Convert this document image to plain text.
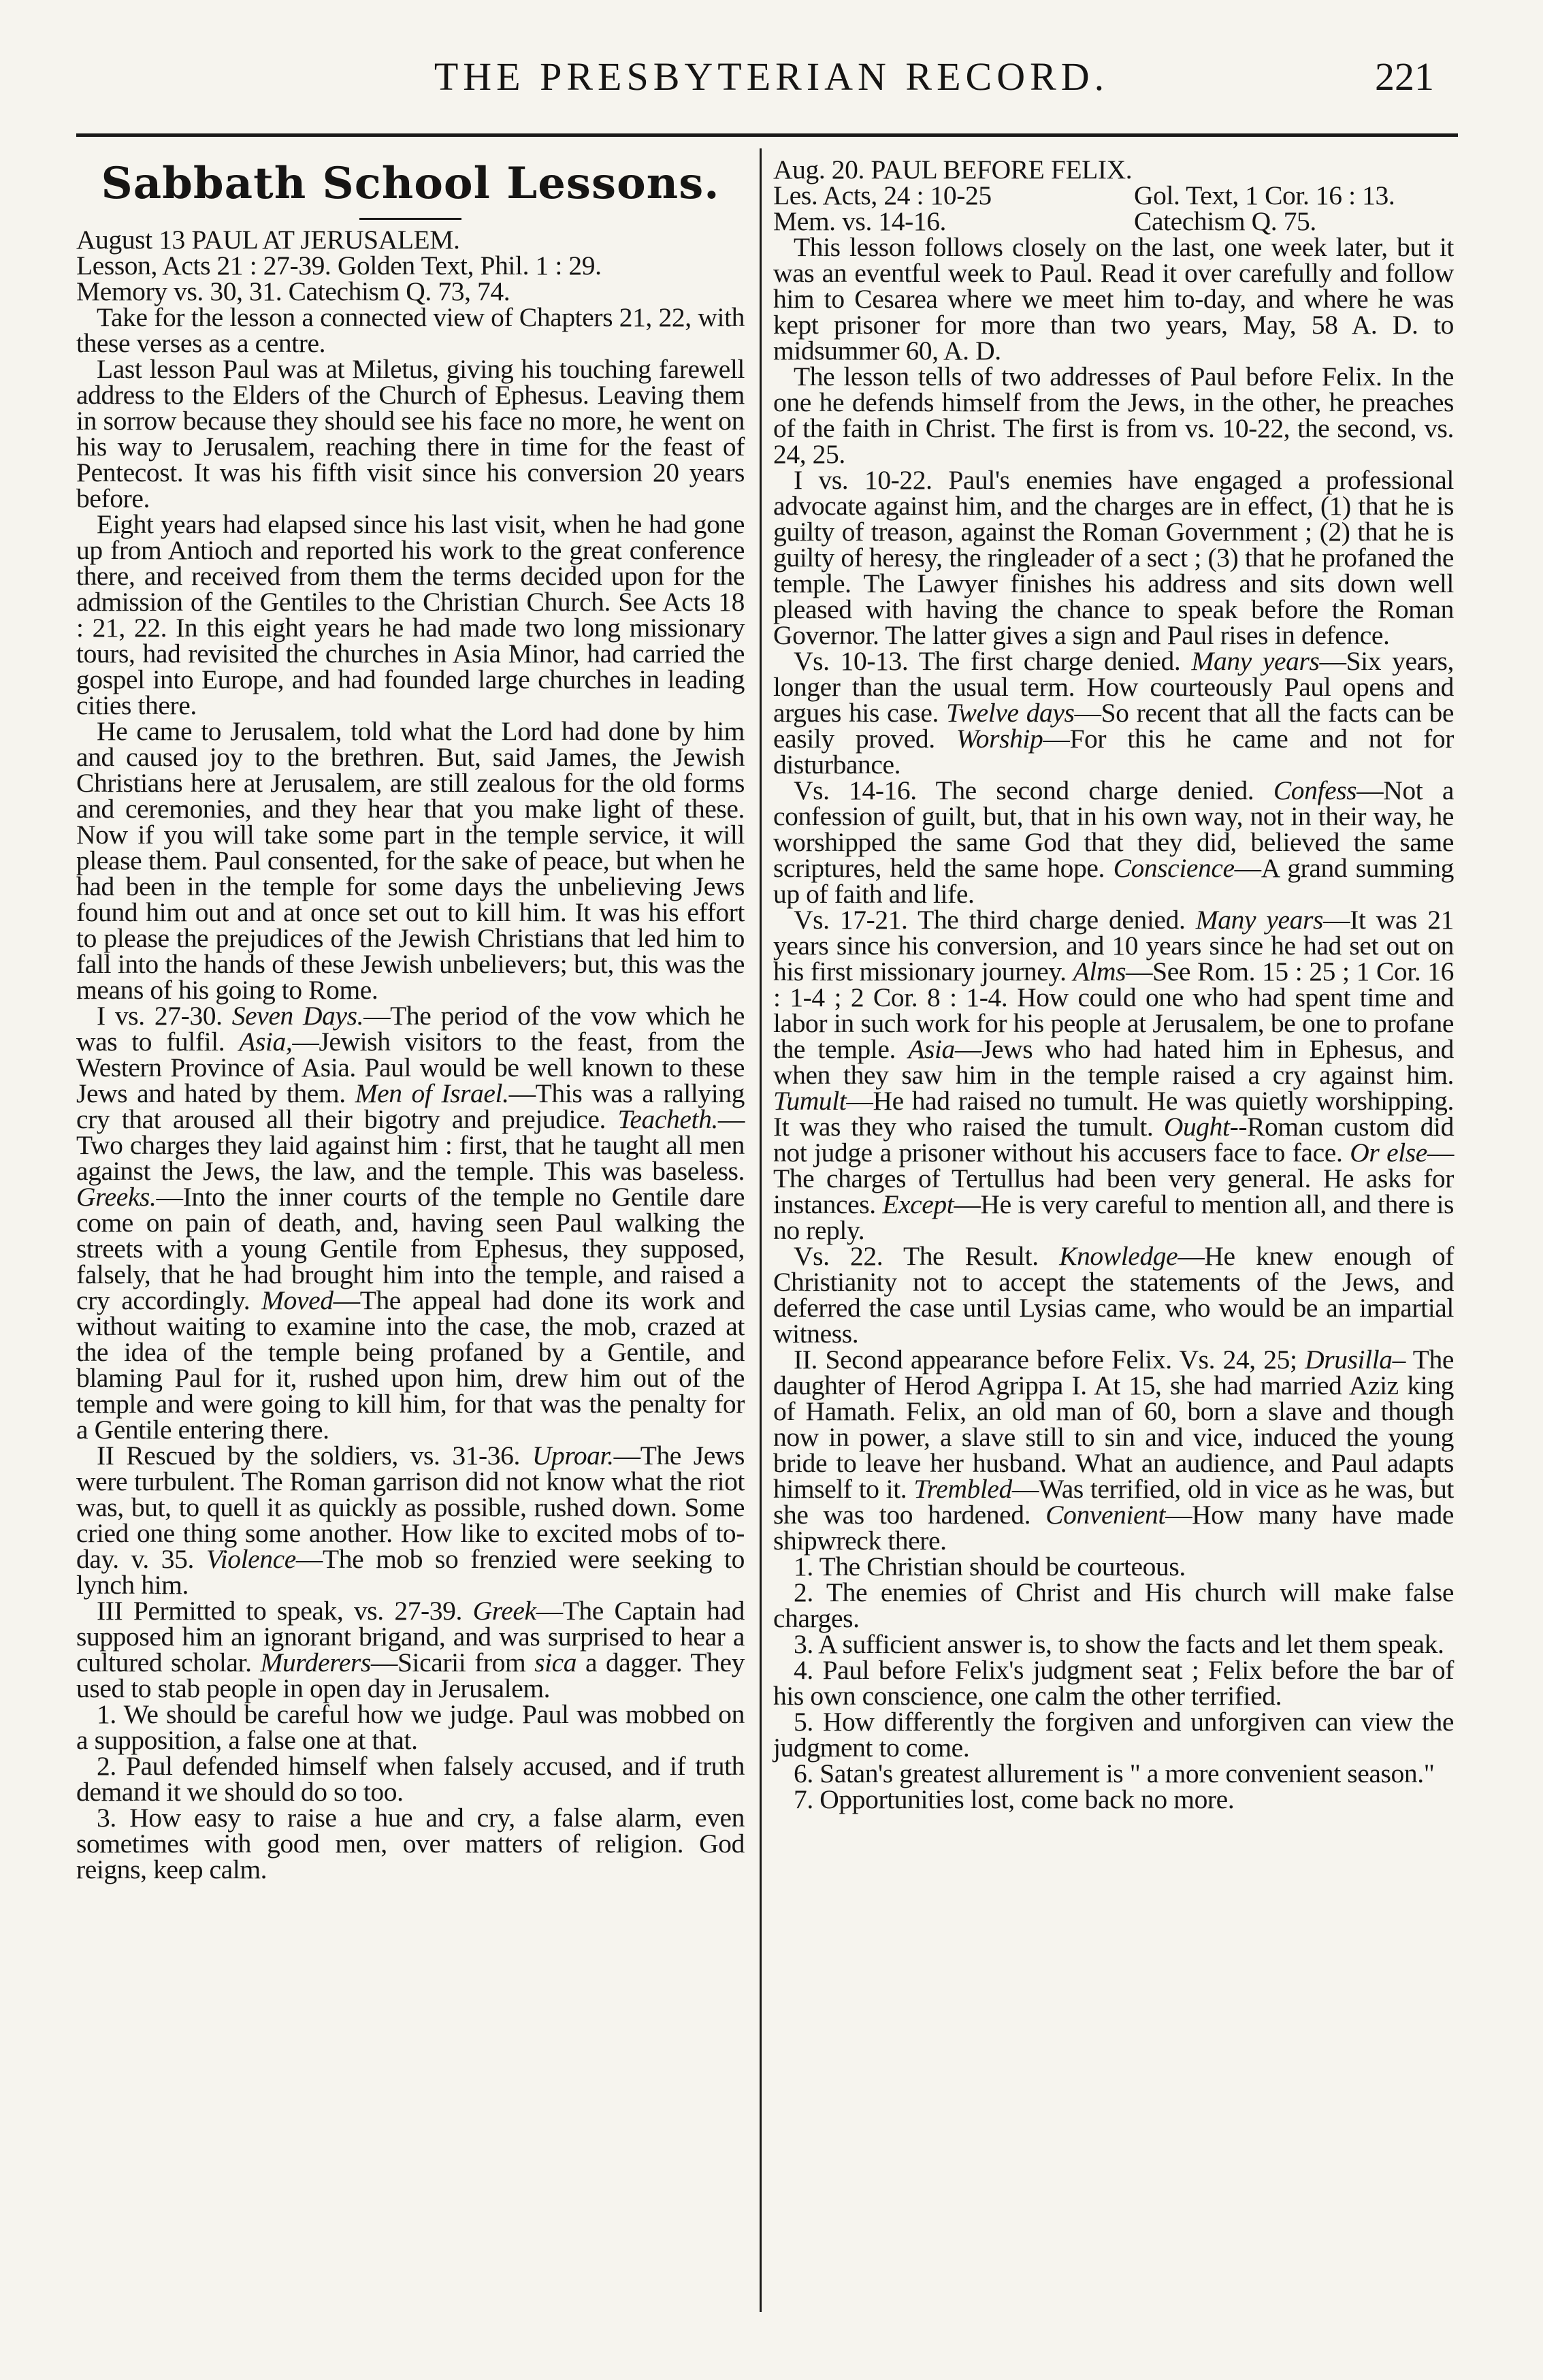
THE PRESBYTERIAN RECORD.	221
Sabbath School Lessons.

August 13 PAUL AT JERUSALEM.

Lesson, Acts 21 : 27-39. Golden Text, Phil. 1 : 29.

Memory vs. 30, 31. Catechism Q. 73, 74.

Take for the lesson a connected view of Chapters 21, 22, with these verses as a centre.

Last lesson Paul was at Miletus, giving his touching farewell address to the Elders of the Church of Ephesus. Leaving them in sorrow because they should see his face no more, he went on his way to Jerusalem, reaching there in time for the feast of Pentecost. It was his fifth visit since his conversion 20 years before.

Eight years had elapsed since his last visit, when he had gone up from Antioch and reported his work to the great conference there, and received from them the terms decided upon for the admission of the Gentiles to the Christian Church. See Acts 18 : 21, 22. In this eight years he had made two long missionary tours, had revisited the churches in Asia Minor, had carried the gospel into Europe, and had founded large churches in leading cities there.

He came to Jerusalem, told what the Lord had done by him and caused joy to the brethren. But, said James, the Jewish Christians here at Jerusalem, are still zealous for the old forms and ceremonies, and they hear that you make light of these. Now if you will take some part in the temple service, it will please them. Paul consented, for the sake of peace, but when he had been in the temple for some days the unbelieving Jews found him out and at once set out to kill him. It was his effort to please the prejudices of the Jewish Christians that led him to fall into the hands of these Jewish unbelievers; but, this was the means of his going to Rome.

I vs. 27-30. Seven Days.—The period of the vow which he was to fulfil. Asia,—Jewish visitors to the feast, from the Western Province of Asia. Paul would be well known to these Jews and hated by them. Men of Israel.—This was a rallying cry that aroused all their bigotry and prejudice. Teacheth.—Two charges they laid against him : first, that he taught all men against the Jews, the law, and the temple. This was baseless. Greeks.—Into the inner courts of the temple no Gentile dare come on pain of death, and, having seen Paul walking the streets with a young Gentile from Ephesus, they supposed, falsely, that he had brought him into the temple, and raised a cry accordingly. Moved—The appeal had done its work and without waiting to examine into the case, the mob, crazed at the idea of the temple being profaned by a Gentile, and blaming Paul for it, rushed upon him, drew him out of the temple and were going to kill him, for that was the penalty for a Gentile entering there.

II Rescued by the soldiers, vs. 31-36. Uproar.—The Jews were turbulent. The Roman garrison did not know what the riot was, but, to quell it as quickly as possible, rushed down. Some cried one thing some another. How like to excited mobs of to-day. v. 35. Violence—The mob so frenzied were seeking to lynch him.

III Permitted to speak, vs. 27-39. Greek—The Captain had supposed him an ignorant brigand, and was surprised to hear a cultured scholar. Murderers—Sicarii from sica a dagger. They used to stab people in open day in Jerusalem.

1. We should be careful how we judge. Paul was mobbed on a supposition, a false one at that.

2. Paul defended himself when falsely accused, and if truth demand it we should do so too.

3. How easy to raise a hue and cry, a false alarm, even sometimes with good men, over matters of religion. God reigns, keep calm.

Aug. 20. PAUL BEFORE FELIX.

Les. Acts, 24 : 10-25	Gol. Text, 1 Cor. 16 : 13.
Mem. vs. 14-16.	Catechism Q. 75.

This lesson follows closely on the last, one week later, but it was an eventful week to Paul. Read it over carefully and follow him to Cesarea where we meet him to-day, and where he was kept prisoner for more than two years, May, 58 A. D. to midsummer 60, A. D.

The lesson tells of two addresses of Paul before Felix. In the one he defends himself from the Jews, in the other, he preaches of the faith in Christ. The first is from vs. 10-22, the second, vs. 24, 25.

I vs. 10-22. Paul's enemies have engaged a professional advocate against him, and the charges are in effect, (1) that he is guilty of treason, against the Roman Government ; (2) that he is guilty of heresy, the ringleader of a sect ; (3) that he profaned the temple. The Lawyer finishes his address and sits down well pleased with having the chance to speak before the Roman Governor. The latter gives a sign and Paul rises in defence.

Vs. 10-13. The first charge denied. Many years—Six years, longer than the usual term. How courteously Paul opens and argues his case. Twelve days—So recent that all the facts can be easily proved. Worship—For this he came and not for disturbance.

Vs. 14-16. The second charge denied. Confess—Not a confession of guilt, but, that in his own way, not in their way, he worshipped the same God that they did, believed the same scriptures, held the same hope. Conscience—A grand summing up of faith and life.

Vs. 17-21. The third charge denied. Many years—It was 21 years since his conversion, and 10 years since he had set out on his first missionary journey. Alms—See Rom. 15 : 25 ; 1 Cor. 16 : 1-4 ; 2 Cor. 8 : 1-4. How could one who had spent time and labor in such work for his people at Jerusalem, be one to profane the temple. Asia—Jews who had hated him in Ephesus, and when they saw him in the temple raised a cry against him. Tumult—He had raised no tumult. He was quietly worshipping. It was they who raised the tumult. Ought--Roman custom did not judge a prisoner without his accusers face to face. Or else—The charges of Tertullus had been very general. He asks for instances. Except—He is very careful to mention all, and there is no reply.

Vs. 22. The Result. Knowledge—He knew enough of Christianity not to accept the statements of the Jews, and deferred the case until Lysias came, who would be an impartial witness.

II. Second appearance before Felix. Vs. 24, 25; Drusilla– The daughter of Herod Agrippa I. At 15, she had married Aziz king of Hamath. Felix, an old man of 60, born a slave and though now in power, a slave still to sin and vice, induced the young bride to leave her husband. What an audience, and Paul adapts himself to it. Trembled—Was terrified, old in vice as he was, but she was too hardened. Convenient—How many have made shipwreck there.

1. The Christian should be courteous.

2. The enemies of Christ and His church will make false charges.

3. A sufficient answer is, to show the facts and let them speak.

4. Paul before Felix's judgment seat ; Felix before the bar of his own conscience, one calm the other terrified.

5. How differently the forgiven and unforgiven can view the judgment to come.

6. Satan's greatest allurement is " a more convenient season."

7. Opportunities lost, come back no more.
